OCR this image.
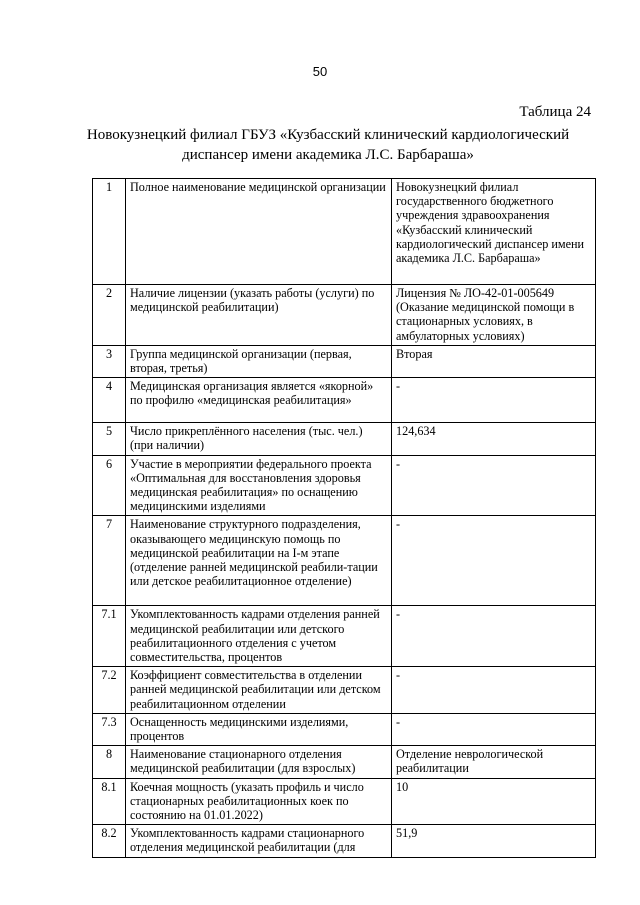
50
Таблица 24
Новокузнецкий филиал ГБУЗ «Кузбасский клинический кардиологический диспансер имени академика Л.С. Барбараша»
1	Полное наименование медицинской организации	Новокузнецкий филиал государственного бюджетного учреждения здравоохранения «Кузбасский клинический кардиологический диспансер имени академика Л.С. Барбараша»
2	Наличие лицензии (указать работы (услуги) по медицинской реабилитации)	Лицензия № ЛО-42-01-005649 (Оказание медицинской помощи в стационарных условиях, в амбулаторных условиях)
3	Группа медицинской организации (первая, вторая, третья)	Вторая
4	Медицинская организация является «якорной» по профилю «медицинская реабилитация»	-
5	Число прикреплённого населения (тыс. чел.) (при наличии)	124,634
6	Участие в мероприятии федерального проекта «Оптимальная для восстановления здоровья медицинская реабилитация» по оснащению медицинскими изделиями	-
7	Наименование структурного подразделения, оказывающего медицинскую помощь по медицинской реабилитации на I-м этапе (отделение ранней медицинской реабили-тации или детское реабилитационное отделение)	-
7.1	Укомплектованность кадрами отделения ранней медицинской реабилитации или детского реабилитационного отделения с учетом совместительства, процентов	-
7.2	Коэффициент совместительства в отделении ранней медицинской реабилитации или детском реабилитационном отделении	-
7.3	Оснащенность медицинскими изделиями, процентов	-
8	Наименование стационарного отделения медицинской реабилитации (для взрослых)	Отделение неврологической реабилитации
8.1	Коечная мощность (указать профиль и число стационарных реабилитационных коек по состоянию на 01.01.2022)	10
8.2	Укомплектованность кадрами стационарного отделения медицинской реабилитации (для	51,9
